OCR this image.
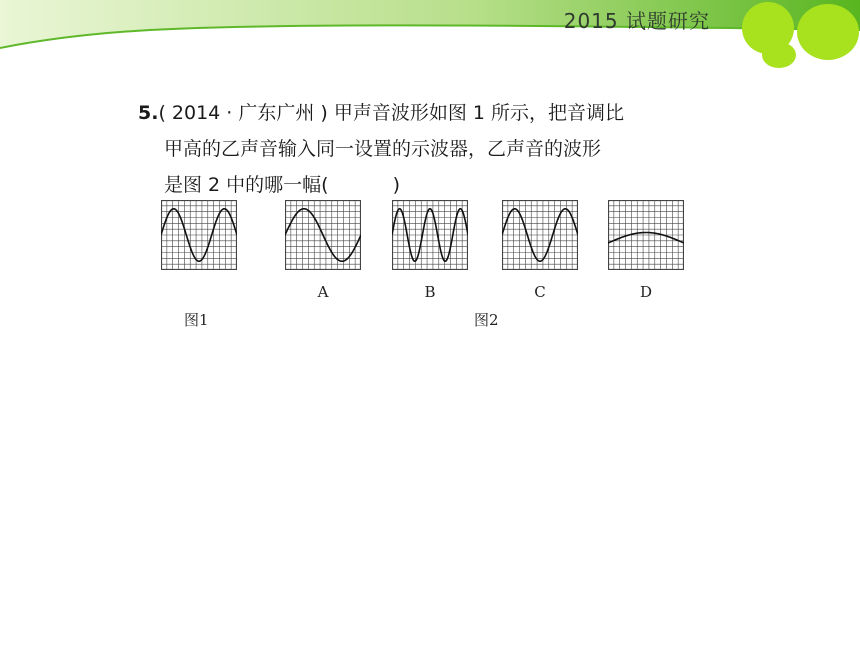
2015 试题研究
5.( 2014 · 广东广州 ) 甲声音波形如图 1 所示，把音调比
甲高的乙声音输入同一设置的示波器，乙声音的波形
是图 2 中的哪一幅(	)
A	B	C	D
图1	图2
